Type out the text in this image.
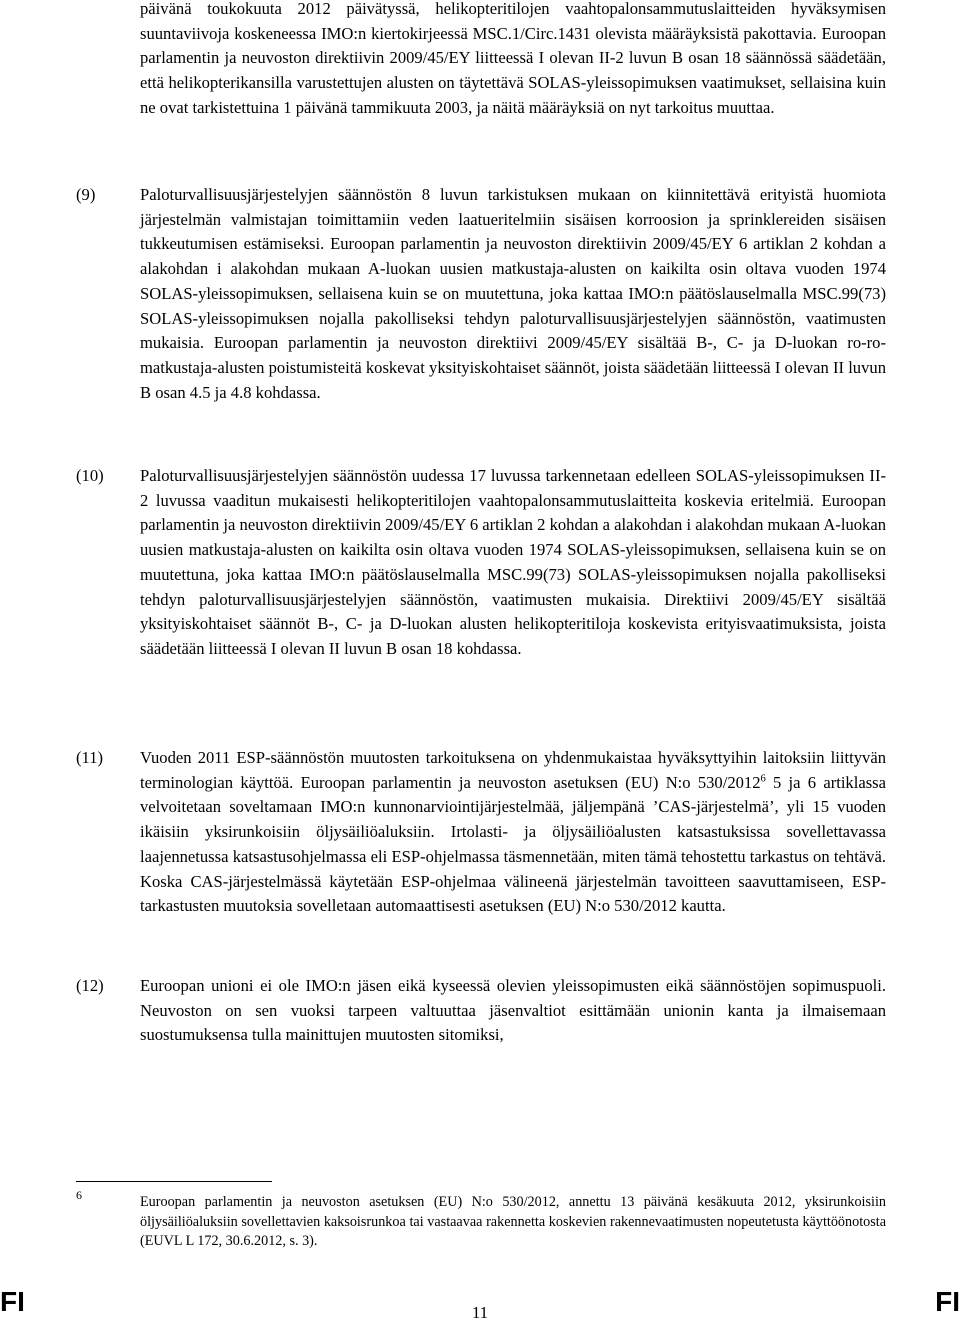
päivänä toukokuuta 2012 päivätyssä, helikopteritilojen vaahtopalonsammutuslaitteiden hyväksymisen suuntaviivoja koskeneessa IMO:n kiertokirjeessä MSC.1/Circ.1431 olevista määräyksistä pakottavia. Euroopan parlamentin ja neuvoston direktiivin 2009/45/EY liitteessä I olevan II-2 luvun B osan 18 säännössä säädetään, että helikopterikansilla varustettujen alusten on täytettävä SOLAS-yleissopimuksen vaatimukset, sellaisina kuin ne ovat tarkistettuina 1 päivänä tammikuuta 2003, ja näitä määräyksiä on nyt tarkoitus muuttaa.
(9)	Paloturvallisuusjärjestelyjen säännöstön 8 luvun tarkistuksen mukaan on kiinnitettävä erityistä huomiota järjestelmän valmistajan toimittamiin veden laatueritelmiin sisäisen korroosion ja sprinklereiden sisäisen tukkeutumisen estämiseksi. Euroopan parlamentin ja neuvoston direktiivin 2009/45/EY 6 artiklan 2 kohdan a alakohdan i alakohdan mukaan A-luokan uusien matkustaja-alusten on kaikilta osin oltava vuoden 1974 SOLAS-yleissopimuksen, sellaisena kuin se on muutettuna, joka kattaa IMO:n päätöslauselmalla MSC.99(73) SOLAS-yleissopimuksen nojalla pakolliseksi tehdyn paloturvallisuusjärjestelyjen säännöstön, vaatimusten mukaisia. Euroopan parlamentin ja neuvoston direktiivi 2009/45/EY sisältää B-, C- ja D-luokan ro-ro-matkustaja-alusten poistumisteitä koskevat yksityiskohtaiset säännöt, joista säädetään liitteessä I olevan II luvun B osan 4.5 ja 4.8 kohdassa.
(10) Paloturvallisuusjärjestelyjen säännöstön uudessa 17 luvussa tarkennetaan edelleen SOLAS-yleissopimuksen II-2 luvussa vaaditun mukaisesti helikopteritilojen vaahtopalonsammutuslaitteita koskevia eritelmiä. Euroopan parlamentin ja neuvoston direktiivin 2009/45/EY 6 artiklan 2 kohdan a alakohdan i alakohdan mukaan A-luokan uusien matkustaja-alusten on kaikilta osin oltava vuoden 1974 SOLAS-yleissopimuksen, sellaisena kuin se on muutettuna, joka kattaa IMO:n päätöslauselmalla MSC.99(73) SOLAS-yleissopimuksen nojalla pakolliseksi tehdyn paloturvallisuusjärjestelyjen säännöstön, vaatimusten mukaisia. Direktiivi 2009/45/EY sisältää yksityiskohtaiset säännöt B-, C- ja D-luokan alusten helikopteritiloja koskevista erityisvaatimuksista, joista säädetään liitteessä I olevan II luvun B osan 18 kohdassa.
(11) Vuoden 2011 ESP-säännöstön muutosten tarkoituksena on yhdenmukaistaa hyväksyttyihin laitoksiin liittyvän terminologian käyttöä. Euroopan parlamentin ja neuvoston asetuksen (EU) N:o 530/2012$^6$ 5 ja 6 artiklassa velvoitetaan soveltamaan IMO:n kunnonarviointijärjestelmää, jäljempänä ’CAS-järjestelmä’, yli 15 vuoden ikäisiin yksirunkoisiin öljysäiliöaluksiin. Irtolasti- ja öljysäiliöalusten katsastuksissa sovellettavassa laajennetussa katsastusohjelmassa eli ESP-ohjelmassa täsmennetään, miten tämä tehostettu tarkastus on tehtävä. Koska CAS-järjestelmässä käytetään ESP-ohjelmaa välineenä järjestelmän tavoitteen saavuttamiseen, ESP-tarkastusten muutoksia sovelletaan automaattisesti asetuksen (EU) N:o 530/2012 kautta.
(12) Euroopan unioni ei ole IMO:n jäsen eikä kyseessä olevien yleissopimusten eikä säännöstöjen sopimuspuoli. Neuvoston on sen vuoksi tarpeen valtuuttaa jäsenvaltiot esittämään unionin kanta ja ilmaisemaan suostumuksensa tulla mainittujen muutosten sitomiksi,
6	Euroopan parlamentin ja neuvoston asetuksen (EU) N:o 530/2012, annettu 13 päivänä kesäkuuta 2012, yksirunkoisiin öljysäiliöaluksiin sovellettavien kaksoisrunkoa tai vastaavaa rakennetta koskevien rakennevaatimusten nopeutetusta käyttöönotosta (EUVL L 172, 30.6.2012, s. 3).
FI	11	FI
